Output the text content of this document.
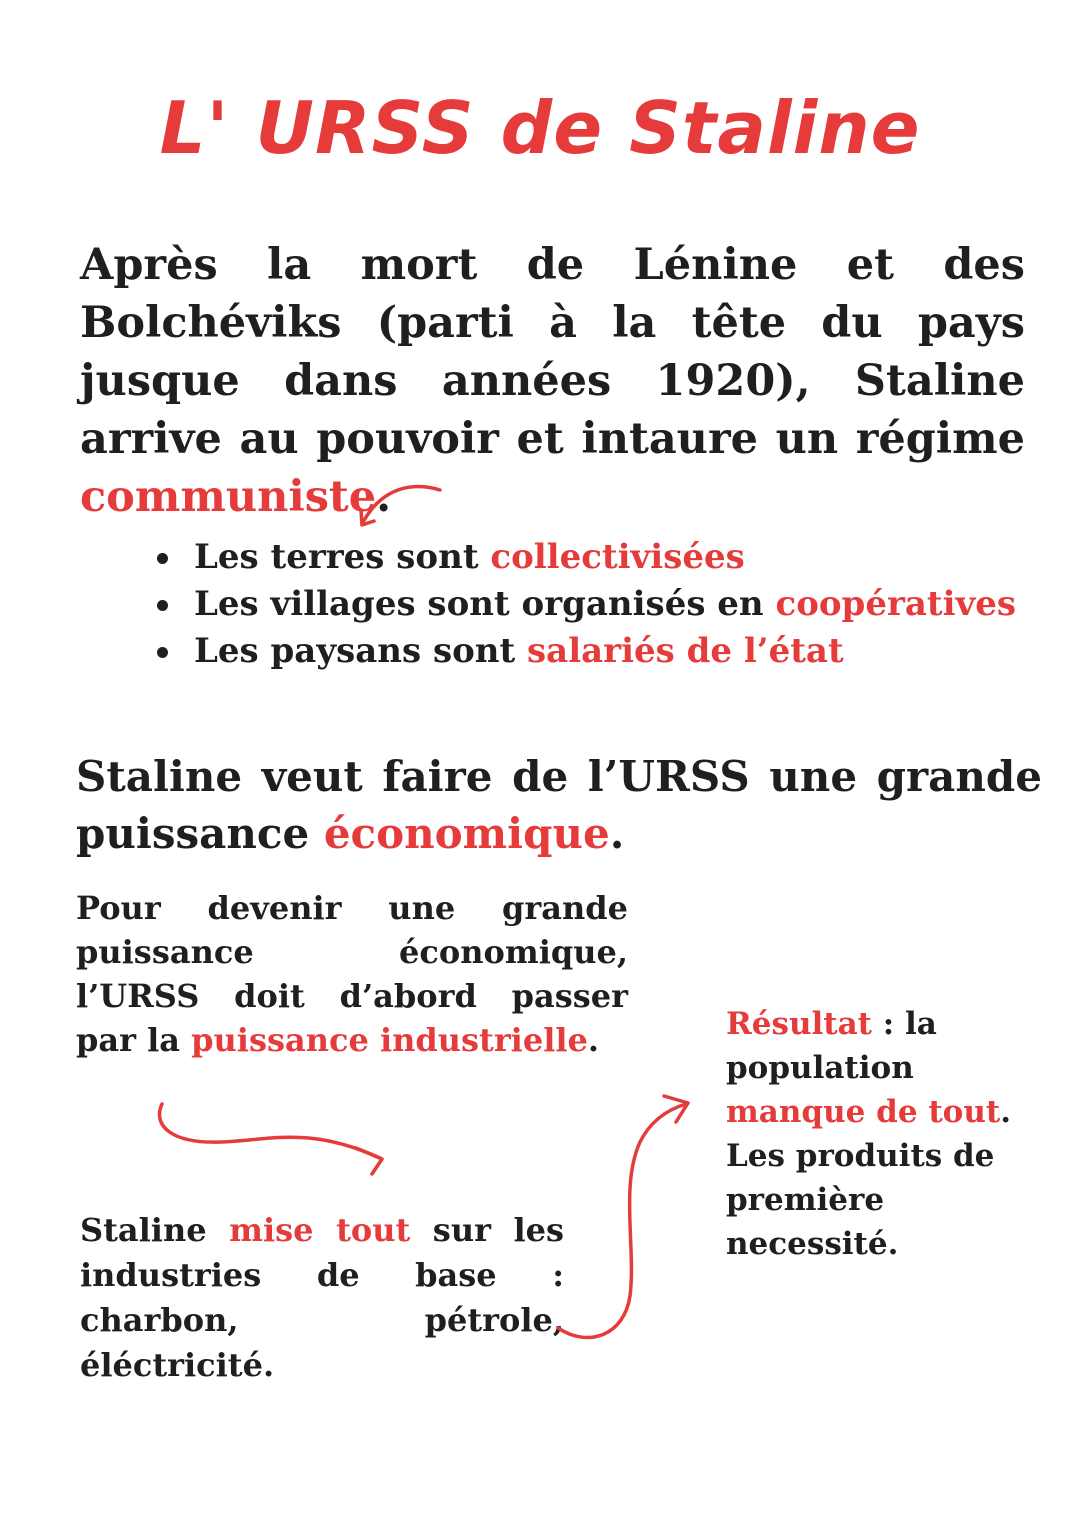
L' URSS de Staline
Après la mort de Lénine et des Bolchéviks (parti à la tête du pays jusque dans années 1920), Staline arrive au pouvoir et intaure un régime communiste.
Les terres sont collectivisées
Les villages sont organisés en coopératives
Les paysans sont salariés de l’état
Staline veut faire de l’URSS une grande puissance économique.
Pour devenir une grande puissance économique, l’URSS doit d’abord passer par la puissance industrielle.
Staline mise tout sur les industries de base : charbon, pétrole, éléctricité.
Résultat : la population manque de tout. Les produits de première necessité.
